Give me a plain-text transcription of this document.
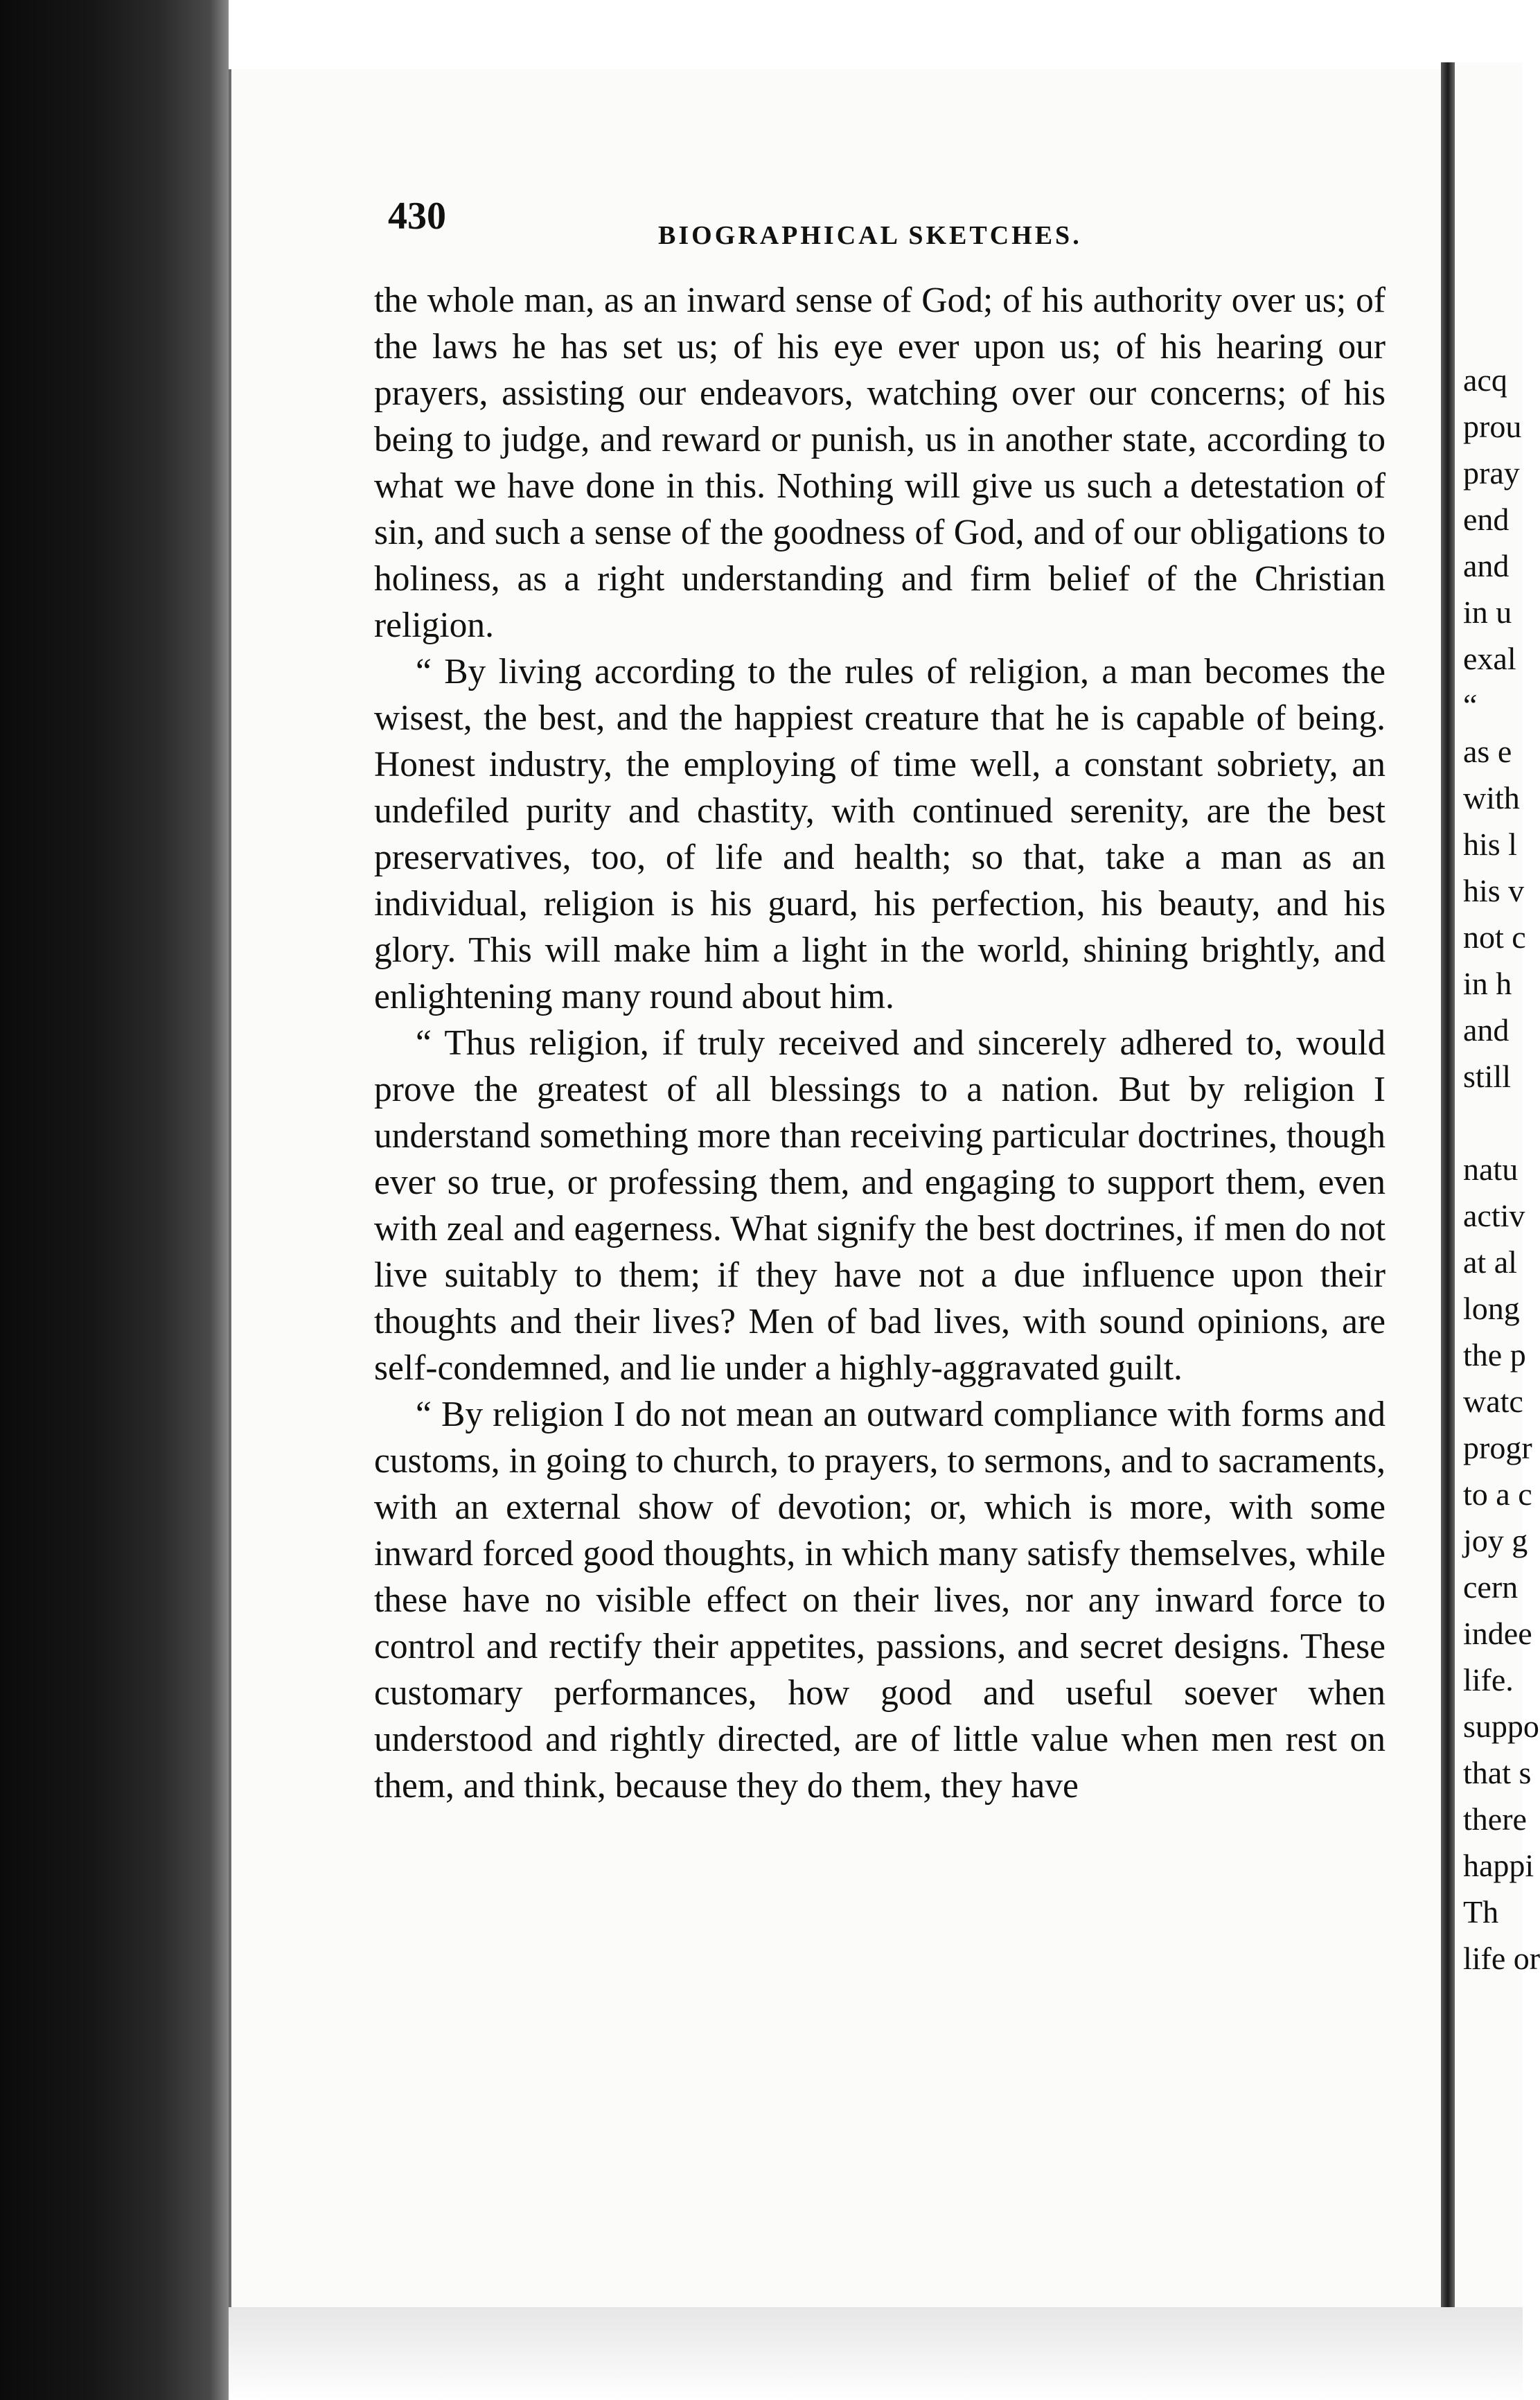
430	BIOGRAPHICAL SKETCHES.

the whole man, as an inward sense of God; of his authority over us; of the laws he has set us; of his eye ever upon us; of his hearing our prayers, assisting our endeavors, watching over our concerns; of his being to judge, and reward or punish, us in another state, according to what we have done in this. Nothing will give us such a detestation of sin, and such a sense of the goodness of God, and of our obligations to holiness, as a right understanding and firm belief of the Christian religion.

“ By living according to the rules of religion, a man becomes the wisest, the best, and the happiest creature that he is capable of being. Honest industry, the employing of time well, a constant sobriety, an undefiled purity and chastity, with continued serenity, are the best preservatives, too, of life and health; so that, take a man as an individual, religion is his guard, his perfection, his beauty, and his glory. This will make him a light in the world, shining brightly, and enlightening many round about him.

“ Thus religion, if truly received and sincerely adhered to, would prove the greatest of all blessings to a nation. But by religion I understand something more than receiving particular doctrines, though ever so true, or professing them, and engaging to support them, even with zeal and eagerness. What signify the best doctrines, if men do not live suitably to them; if they have not a due influence upon their thoughts and their lives? Men of bad lives, with sound opinions, are self-condemned, and lie under a highly-aggravated guilt.

“ By religion I do not mean an outward compliance with forms and customs, in going to church, to prayers, to sermons, and to sacraments, with an external show of devotion; or, which is more, with some inward forced good thoughts, in which many satisfy themselves, while these have no visible effect on their lives, nor any inward force to control and rectify their appetites, passions, and secret designs. These customary performances, how good and useful soever when understood and rightly directed, are of little value when men rest on them, and think, because they do them, they have

acq
prou
pray
end
and
in u
exal
“
as e
with
his l
his v
not c
in h
and
still
natu
activ
at al
long
the p
watc
progr
to a c
joy g
cern
indee
life.
suppo
that s
there
happi
Th
life or
